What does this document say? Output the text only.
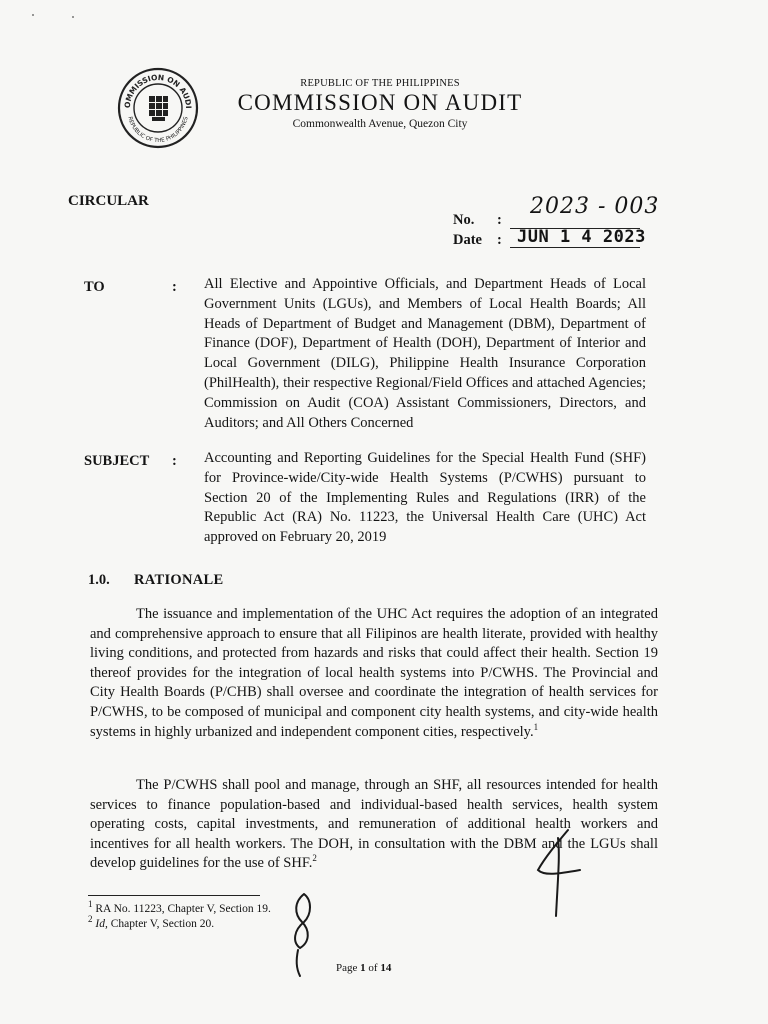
OMMISSION ON AUDI
REPUBLIC OF THE PHILIPPINES
REPUBLIC OF THE PHILIPPINES
COMMISSION ON AUDIT
Commonwealth Avenue, Quezon City
CIRCULAR
No. :
2023 - 003
Date : JUN 1 4 2023
TO	: All Elective and Appointive Officials, and Department Heads of Local Government Units (LGUs), and Members of Local Health Boards; All Heads of Department of Budget and Management (DBM), Department of Finance (DOF), Department of Health (DOH), Department of Interior and Local Government (DILG), Philippine Health Insurance Corporation (PhilHealth), their respective Regional/Field Offices and attached Agencies; Commission on Audit (COA) Assistant Commissioners, Directors, and Auditors; and All Others Concerned
SUBJECT : Accounting and Reporting Guidelines for the Special Health Fund (SHF) for Province-wide/City-wide Health Systems (P/CWHS) pursuant to Section 20 of the Implementing Rules and Regulations (IRR) of the Republic Act (RA) No. 11223, the Universal Health Care (UHC) Act approved on February 20, 2019
1.0. RATIONALE
The issuance and implementation of the UHC Act requires the adoption of an integrated and comprehensive approach to ensure that all Filipinos are health literate, provided with healthy living conditions, and protected from hazards and risks that could affect their health. Section 19 thereof provides for the integration of local health systems into P/CWHS. The Provincial and City Health Boards (P/CHB) shall oversee and coordinate the integration of health services for P/CWHS, to be composed of municipal and component city health systems, and city-wide health systems in highly urbanized and independent component cities, respectively.$^1$
The P/CWHS shall pool and manage, through an SHF, all resources intended for health services to finance population-based and individual-based health services, health system operating costs, capital investments, and remuneration of additional health workers and incentives for all health workers. The DOH, in consultation with the DBM and the LGUs shall develop guidelines for the use of SHF.$^2$
$^1$ RA No. 11223, Chapter V, Section 19.
$^2$ Id, Chapter V, Section 20.
Page 1 of 14
